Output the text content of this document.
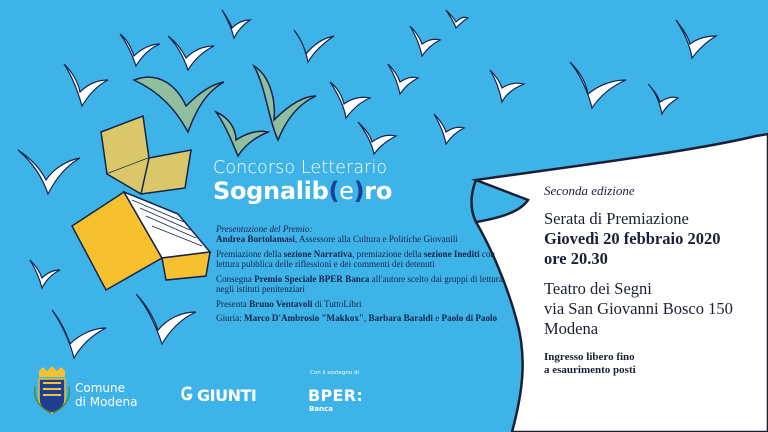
Concorso Letterario
Sognalib(e)ro

Presentazione del Premio:
Andrea Bortolamasi, Assessore alla Cultura e Politiche Giovanili

Premiazione della sezione Narrativa, premiazione della sezione Inediti con lettura pubblica delle riflessioni e dei commenti dei detenuti

Consegna Premio Speciale BPER Banca all'autore scelto dai gruppi di lettura negli istituti penitenziari

Presenta Bruno Ventavoli di TuttoLibri

Giuria: Marco D'Ambrosio "Makkox", Barbara Baraldi e Paolo di Paolo

Seconda edizione
Serata di Premiazione
Giovedì 20 febbraio 2020
ore 20.30
Teatro dei Segni
via San Giovanni Bosco 150
Modena
Ingresso libero fino
a esaurimento posti
Comune
di Modena	GIUNTI
Con il sostegno di
BPER:
Banca
